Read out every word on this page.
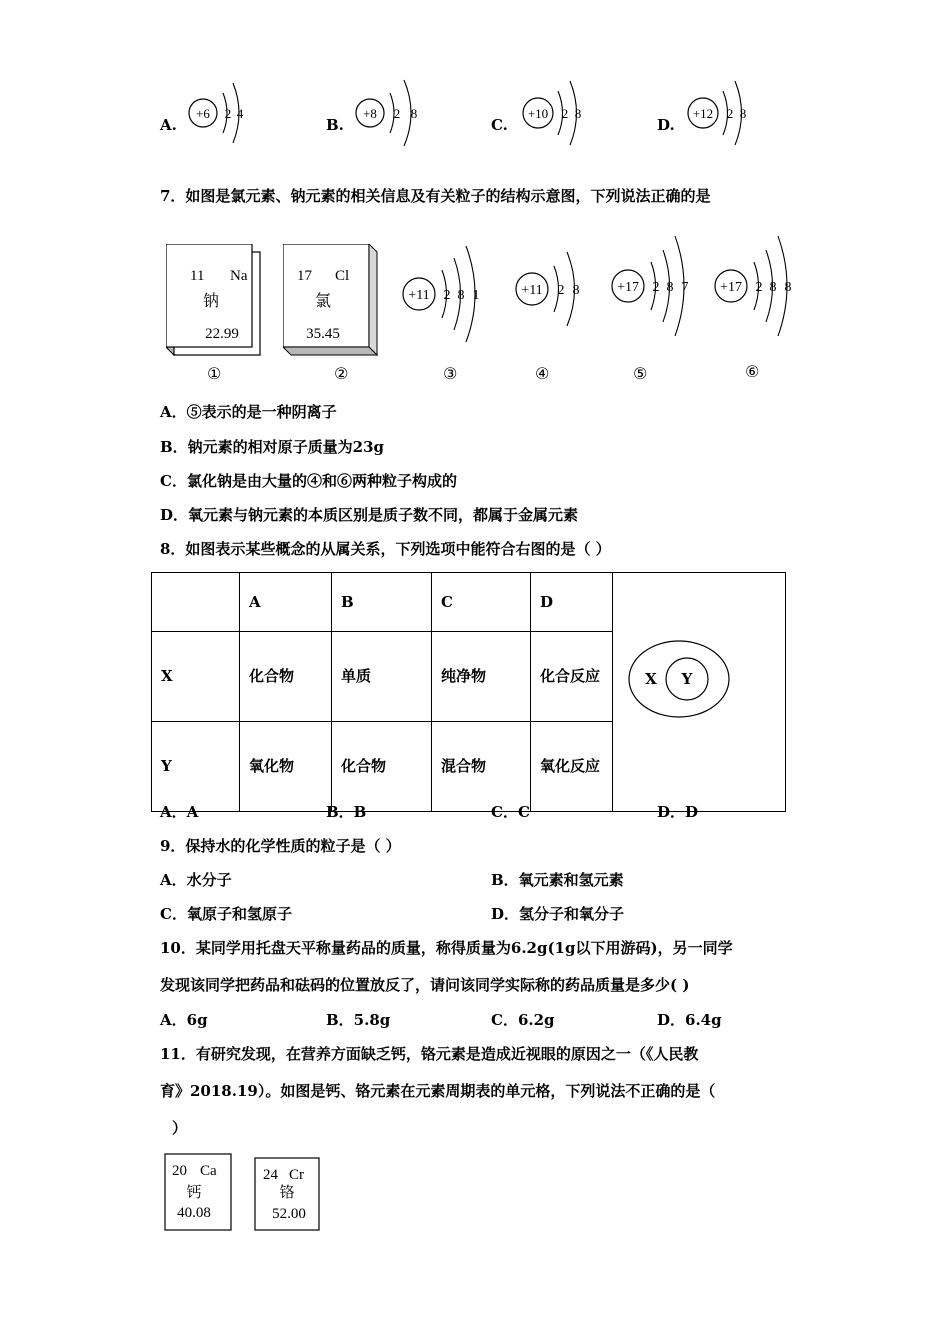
A.
+6 2 4
B.
+8 2 8
C.
+10 2 8
D.
+12 2 8
7．如图是氯元素、钠元素的相关信息及有关粒子的结构示意图，下列说法正确的是
11 Na
钠
22.99
①
17 Cl
氯
35.45
②
+11 2 8 1
③
+11 2 8
④
+17 2 8 7
⑤
+17 2 8 8
⑥
A．⑤表示的是一种阴离子
B．钠元素的相对原子质量为23g
C．氯化钠是由大量的④和⑥两种粒子构成的
D．氧元素与钠元素的本质区别是质子数不同，都属于金属元素
8．如图表示某些概念的从属关系，下列选项中能符合右图的是（ ）
	A	B	C	D	X Y

X	化合物	单质	纯净物	化合反应	
Y	氧化物	化合物	混合物	氧化反应	
A．A	B．B	C．C	D．D
9．保持水的化学性质的粒子是（ ）
A．水分子	B．氧元素和氢元素
C．氧原子和氢原子	D．氢分子和氧分子
10．某同学用托盘天平称量药品的质量，称得质量为6.2g(1g以下用游码)，另一同学
发现该同学把药品和砝码的位置放反了，请问该同学实际称的药品质量是多少( )
A．6g	B．5.8g	C．6.2g	D．6.4g
11．有研究发现，在营养方面缺乏钙，铬元素是造成近视眼的原因之一（《人民教
育》2018.19）。如图是钙、铬元素在元素周期表的单元格，下列说法不正确的是（
）
20 Ca
钙
40.08
24 Cr
铬
52.00
